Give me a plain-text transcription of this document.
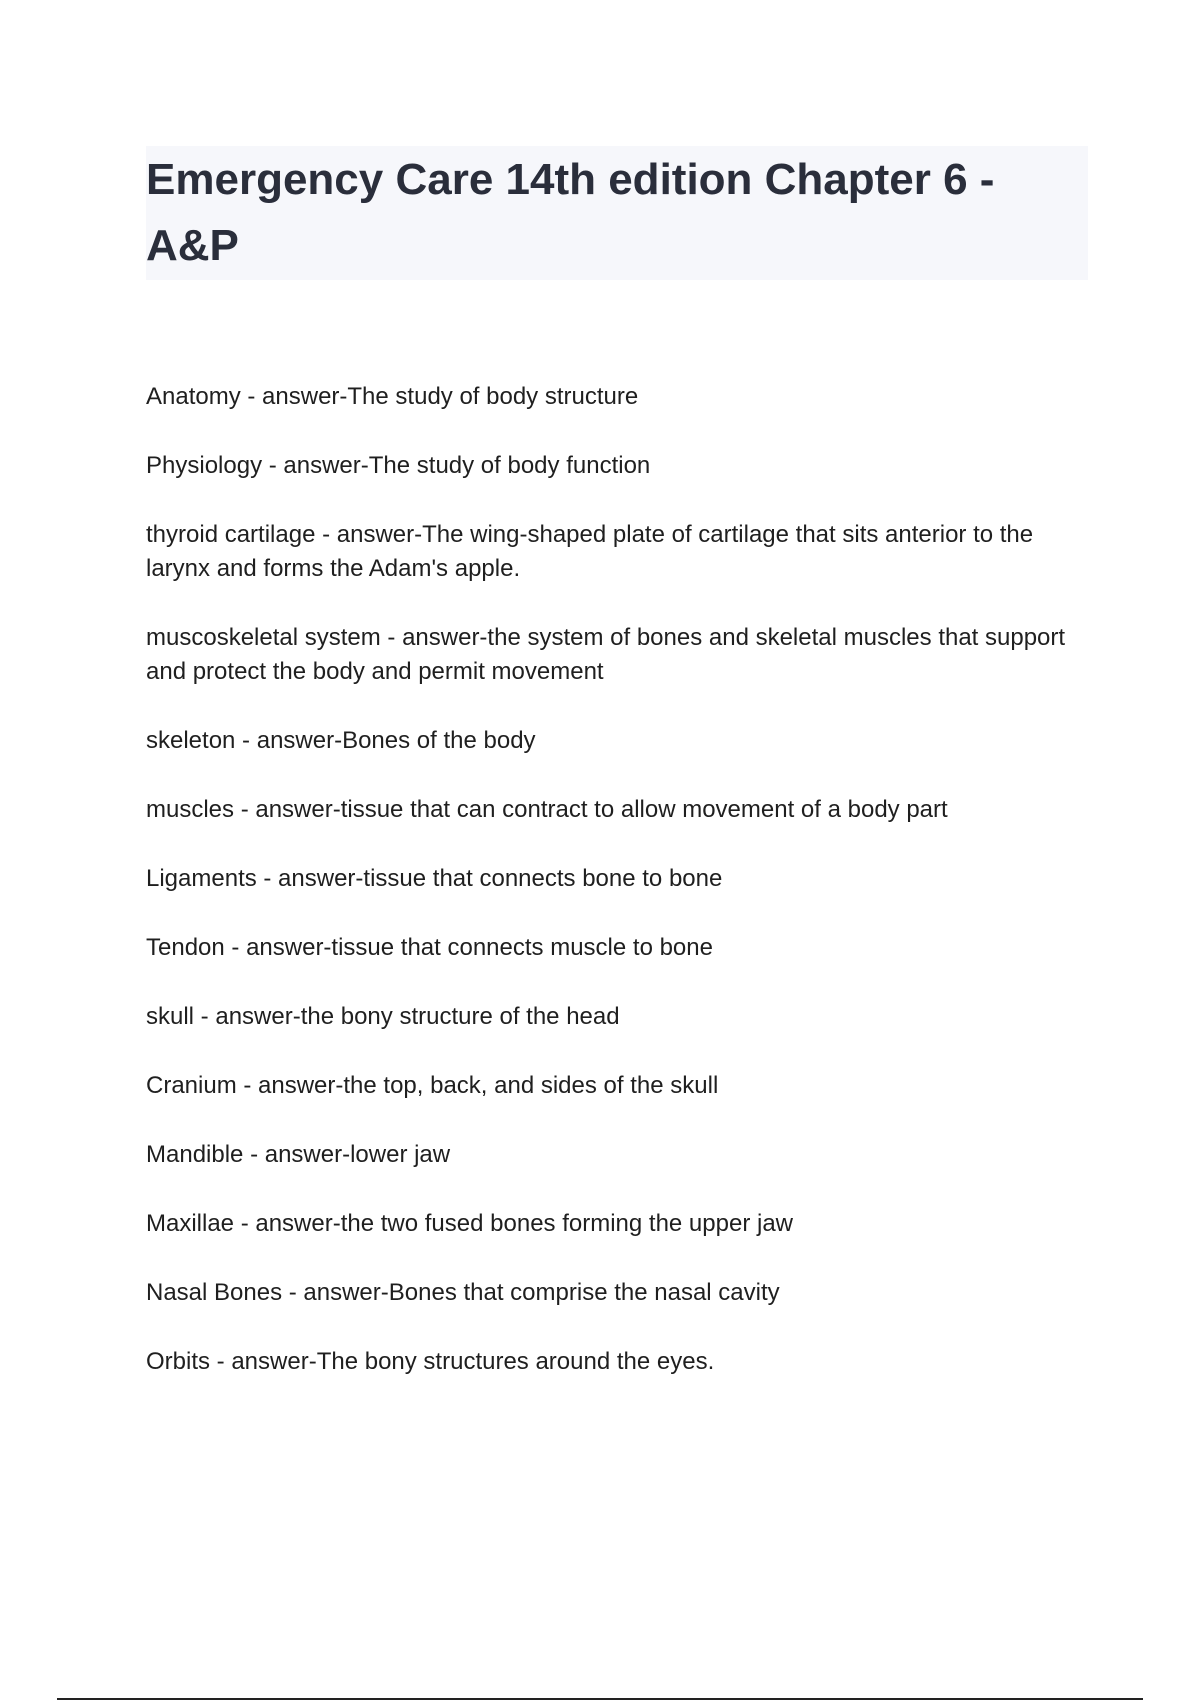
Emergency Care 14th edition Chapter 6 - A&P
Anatomy - answer-The study of body structure
Physiology - answer-The study of body function
thyroid cartilage - answer-The wing-shaped plate of cartilage that sits anterior to the larynx and forms the Adam's apple.
muscoskeletal system - answer-the system of bones and skeletal muscles that support and protect the body and permit movement
skeleton - answer-Bones of the body
muscles - answer-tissue that can contract to allow movement of a body part
Ligaments - answer-tissue that connects bone to bone
Tendon - answer-tissue that connects muscle to bone
skull - answer-the bony structure of the head
Cranium - answer-the top, back, and sides of the skull
Mandible - answer-lower jaw
Maxillae - answer-the two fused bones forming the upper jaw
Nasal Bones - answer-Bones that comprise the nasal cavity
Orbits - answer-The bony structures around the eyes.
